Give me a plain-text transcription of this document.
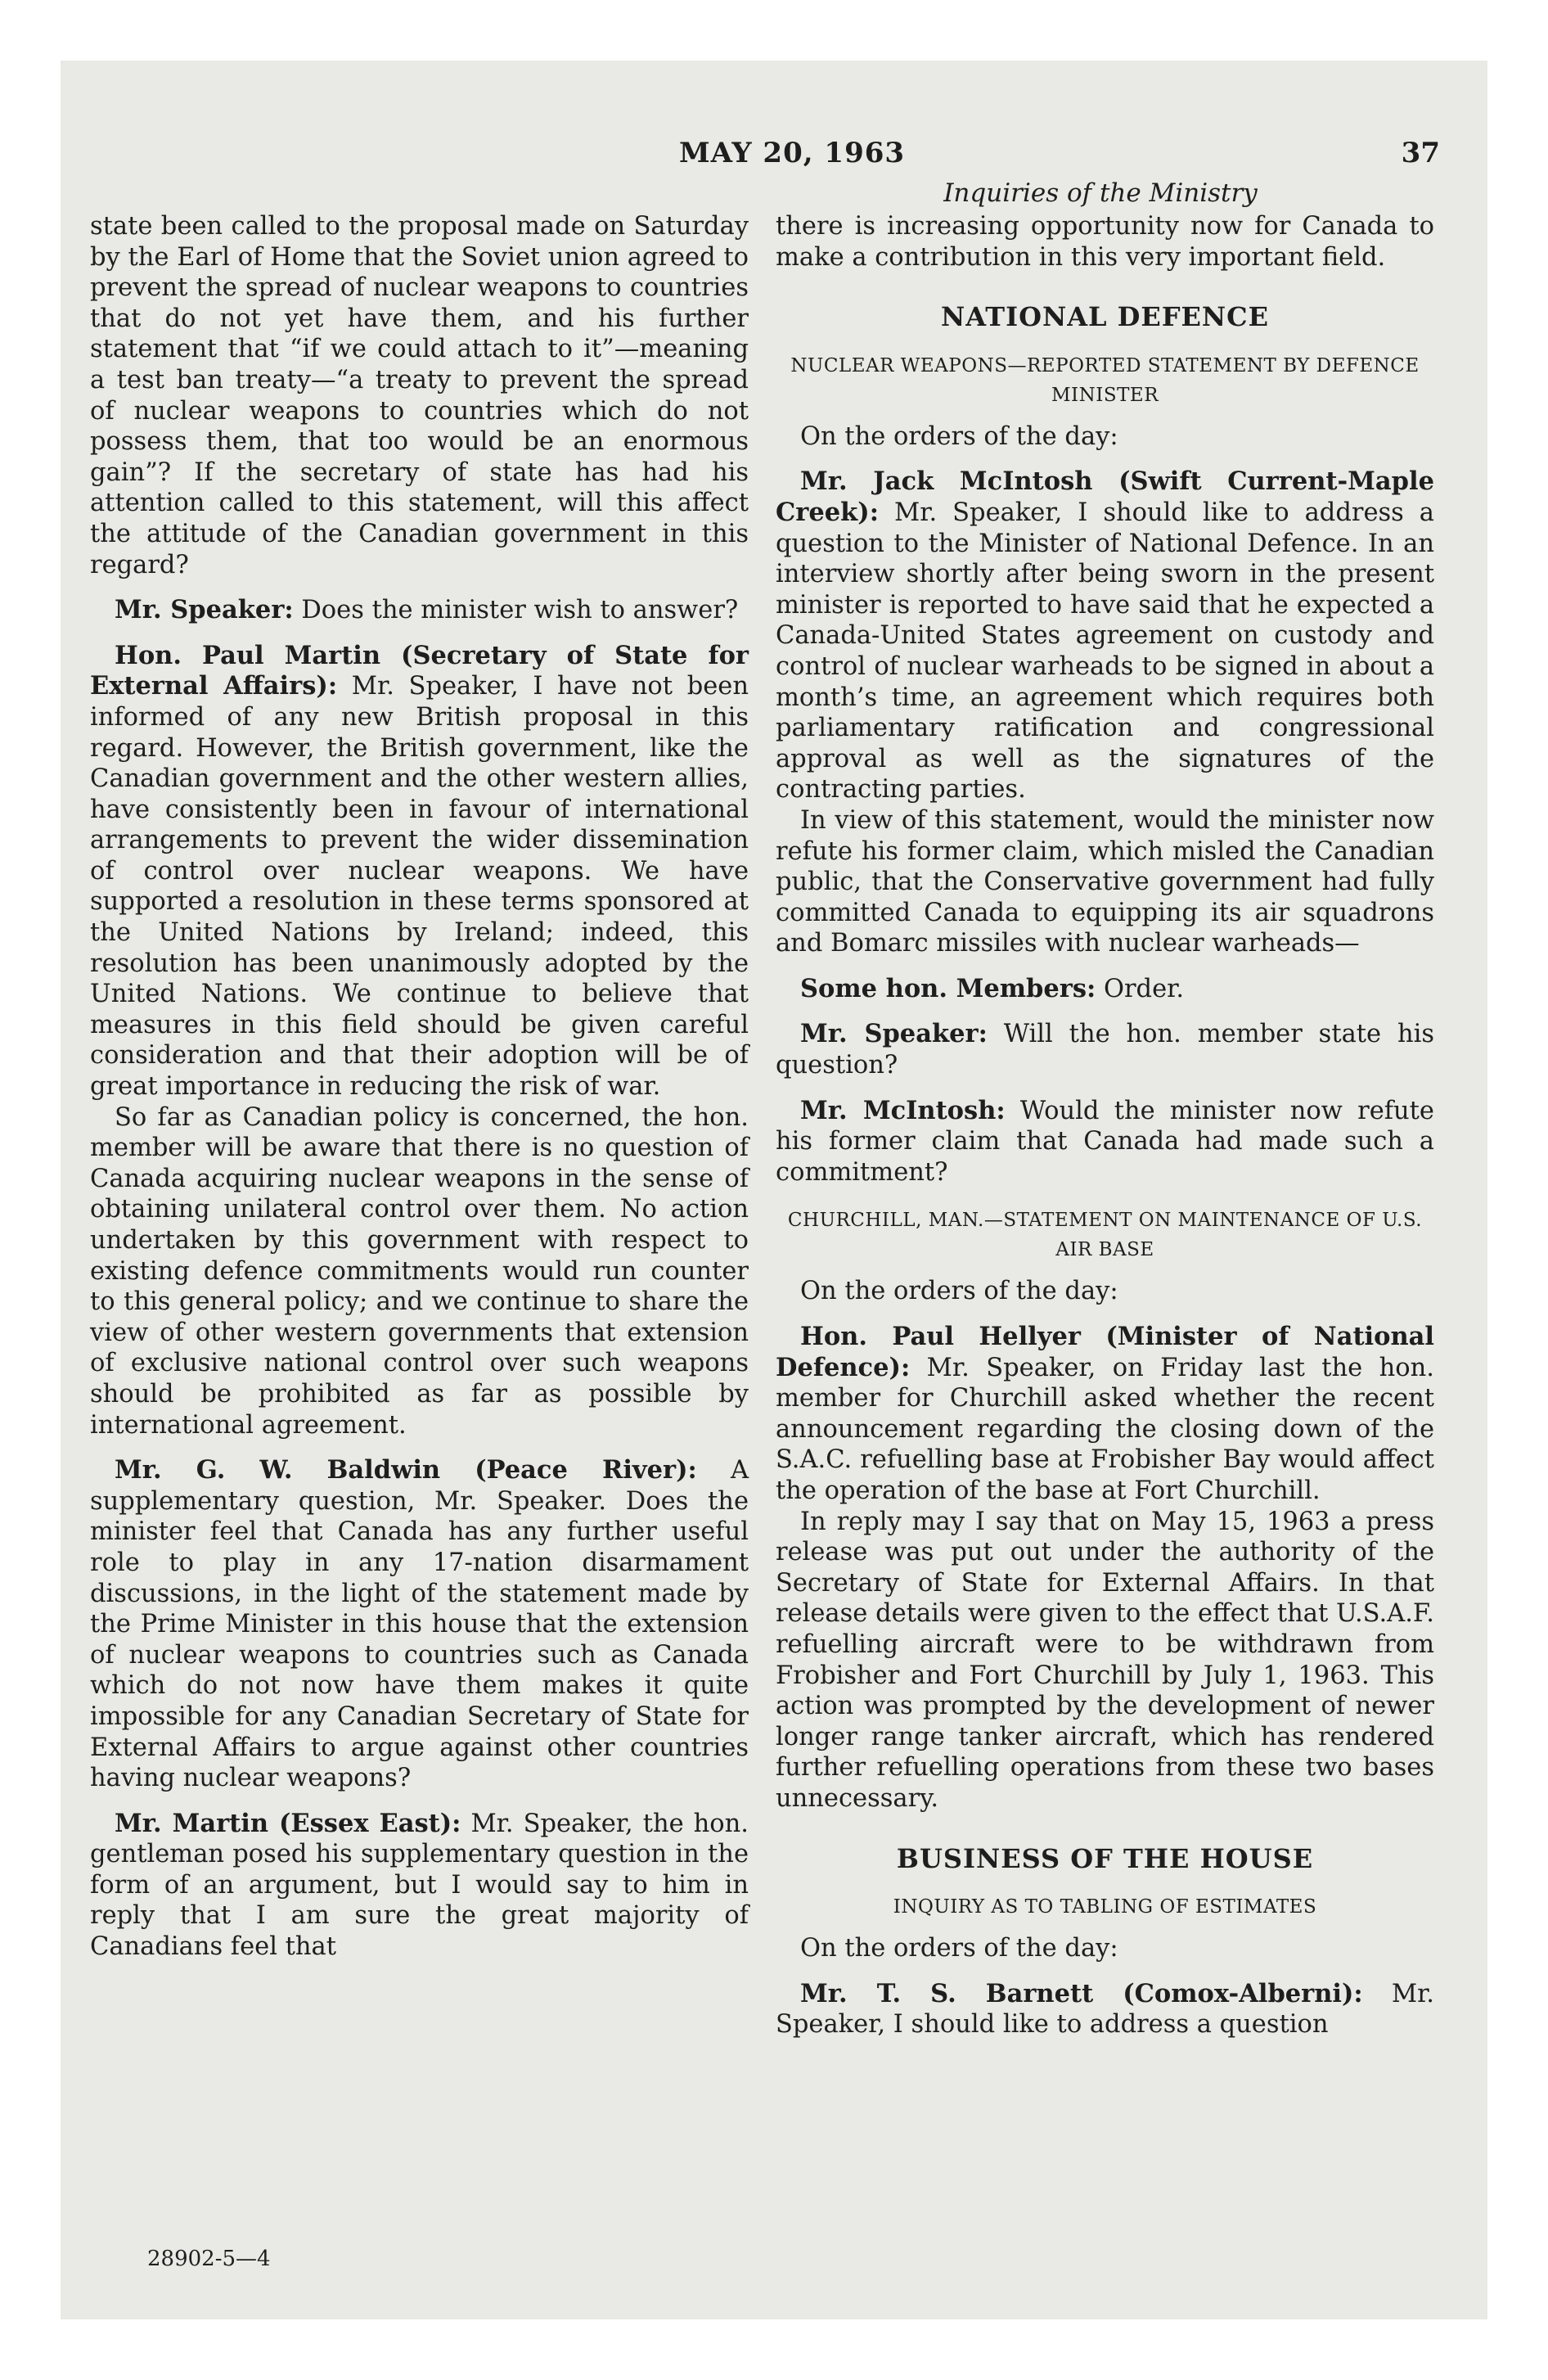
MAY 20, 1963	37
Inquiries of the Ministry

state been called to the proposal made on Saturday by the Earl of Home that the Soviet union agreed to prevent the spread of nuclear weapons to countries that do not yet have them, and his further statement that “if we could attach to it”—meaning a test ban treaty—“a treaty to prevent the spread of nuclear weapons to countries which do not possess them, that too would be an enormous gain”? If the secretary of state has had his attention called to this statement, will this affect the attitude of the Canadian government in this regard?

Mr. Speaker: Does the minister wish to answer?

Hon. Paul Martin (Secretary of State for External Affairs): Mr. Speaker, I have not been informed of any new British proposal in this regard. However, the British government, like the Canadian government and the other western allies, have consistently been in favour of international arrangements to prevent the wider dissemination of control over nuclear weapons. We have supported a resolution in these terms sponsored at the United Nations by Ireland; indeed, this resolution has been unanimously adopted by the United Nations. We continue to believe that measures in this field should be given careful consideration and that their adoption will be of great importance in reducing the risk of war.

So far as Canadian policy is concerned, the hon. member will be aware that there is no question of Canada acquiring nuclear weapons in the sense of obtaining unilateral control over them. No action undertaken by this government with respect to existing defence commitments would run counter to this general policy; and we continue to share the view of other western governments that extension of exclusive national control over such weapons should be prohibited as far as possible by international agreement.

Mr. G. W. Baldwin (Peace River): A supplementary question, Mr. Speaker. Does the minister feel that Canada has any further useful role to play in any 17-nation disarmament discussions, in the light of the statement made by the Prime Minister in this house that the extension of nuclear weapons to countries such as Canada which do not now have them makes it quite impossible for any Canadian Secretary of State for External Affairs to argue against other countries having nuclear weapons?

Mr. Martin (Essex East): Mr. Speaker, the hon. gentleman posed his supplementary question in the form of an argument, but I would say to him in reply that I am sure the great majority of Canadians feel that

there is increasing opportunity now for Canada to make a contribution in this very important field.

NATIONAL DEFENCE
NUCLEAR WEAPONS—REPORTED STATEMENT BY DEFENCE MINISTER

On the orders of the day:

Mr. Jack McIntosh (Swift Current-Maple Creek): Mr. Speaker, I should like to address a question to the Minister of National Defence. In an interview shortly after being sworn in the present minister is reported to have said that he expected a Canada-United States agreement on custody and control of nuclear warheads to be signed in about a month’s time, an agreement which requires both parliamentary ratification and congressional approval as well as the signatures of the contracting parties.

In view of this statement, would the minister now refute his former claim, which misled the Canadian public, that the Conservative government had fully committed Canada to equipping its air squadrons and Bomarc missiles with nuclear warheads—

Some hon. Members: Order.

Mr. Speaker: Will the hon. member state his question?

Mr. McIntosh: Would the minister now refute his former claim that Canada had made such a commitment?

CHURCHILL, MAN.—STATEMENT ON MAINTENANCE OF U.S. AIR BASE

On the orders of the day:

Hon. Paul Hellyer (Minister of National Defence): Mr. Speaker, on Friday last the hon. member for Churchill asked whether the recent announcement regarding the closing down of the S.A.C. refuelling base at Frobisher Bay would affect the operation of the base at Fort Churchill.

In reply may I say that on May 15, 1963 a press release was put out under the authority of the Secretary of State for External Affairs. In that release details were given to the effect that U.S.A.F. refuelling aircraft were to be withdrawn from Frobisher and Fort Churchill by July 1, 1963. This action was prompted by the development of newer longer range tanker aircraft, which has rendered further refuelling operations from these two bases unnecessary.

BUSINESS OF THE HOUSE
INQUIRY AS TO TABLING OF ESTIMATES

On the orders of the day:

Mr. T. S. Barnett (Comox-Alberni): Mr. Speaker, I should like to address a question

28902-5—4
